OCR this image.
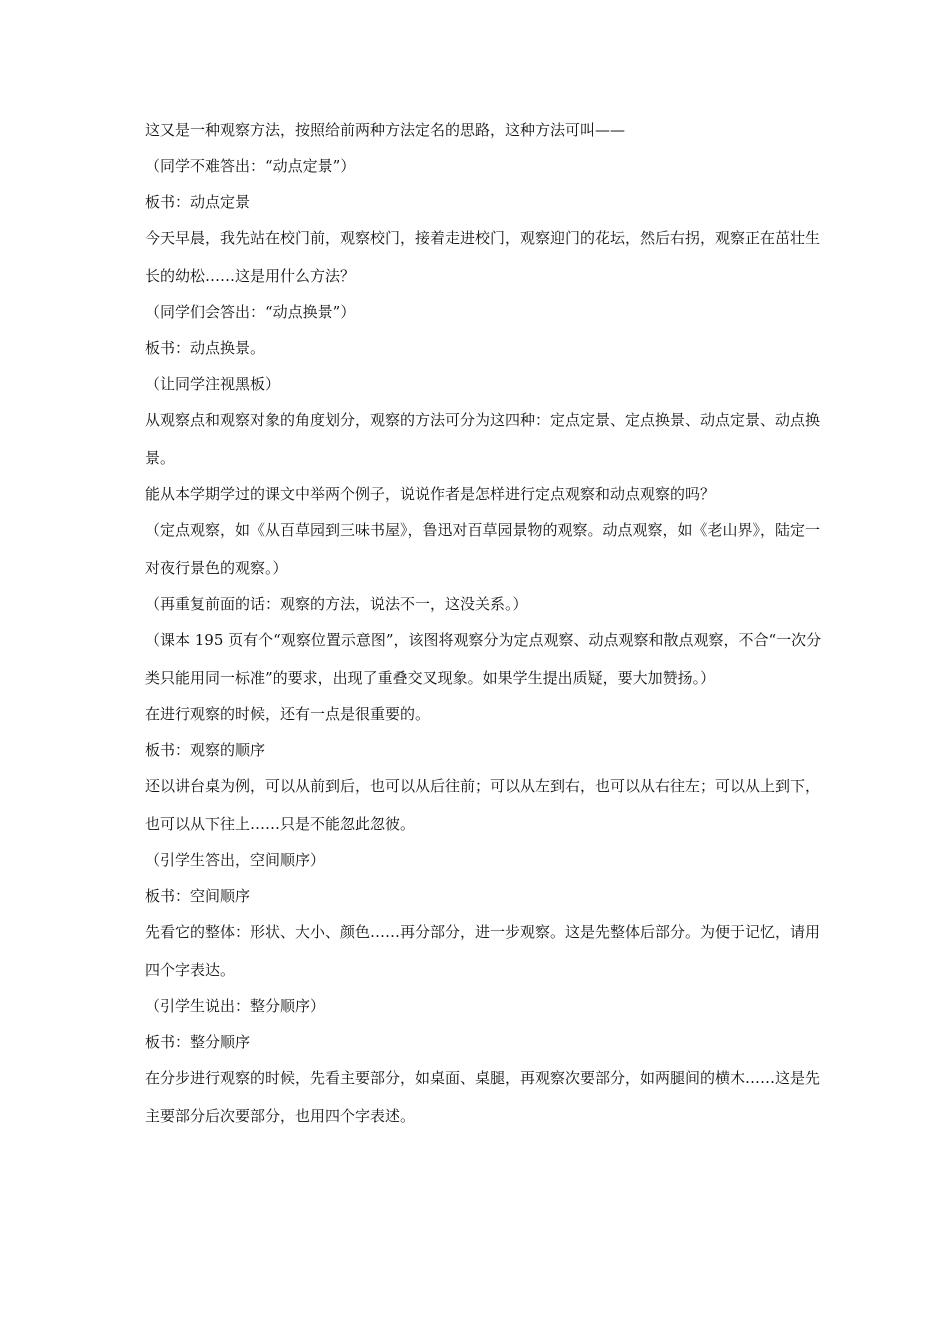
这又是一种观察方法，按照给前两种方法定名的思路，这种方法可叫——

（同学不难答出：“动点定景”）

板书：动点定景

今天早晨，我先站在校门前，观察校门，接着走进校门，观察迎门的花坛，然后右拐，观察正在茁壮生长的幼松……这是用什么方法？

（同学们会答出：“动点换景”）

板书：动点换景。

（让同学注视黑板）

从观察点和观察对象的角度划分，观察的方法可分为这四种：定点定景、定点换景、动点定景、动点换景。

能从本学期学过的课文中举两个例子，说说作者是怎样进行定点观察和动点观察的吗？

（定点观察，如《从百草园到三味书屋》，鲁迅对百草园景物的观察。动点观察，如《老山界》，陆定一对夜行景色的观察。）

（再重复前面的话：观察的方法，说法不一，这没关系。）

（课本 195 页有个“观察位置示意图”，该图将观察分为定点观察、动点观察和散点观察，不合“一次分类只能用同一标准”的要求，出现了重叠交叉现象。如果学生提出质疑，要大加赞扬。）

在进行观察的时候，还有一点是很重要的。

板书：观察的顺序

还以讲台桌为例，可以从前到后，也可以从后往前；可以从左到右，也可以从右往左；可以从上到下，也可以从下往上……只是不能忽此忽彼。

（引学生答出，空间顺序）

板书：空间顺序

先看它的整体：形状、大小、颜色……再分部分，进一步观察。这是先整体后部分。为便于记忆，请用四个字表达。

（引学生说出：整分顺序）

板书：整分顺序

在分步进行观察的时候，先看主要部分，如桌面、桌腿，再观察次要部分，如两腿间的横木……这是先主要部分后次要部分，也用四个字表述。
